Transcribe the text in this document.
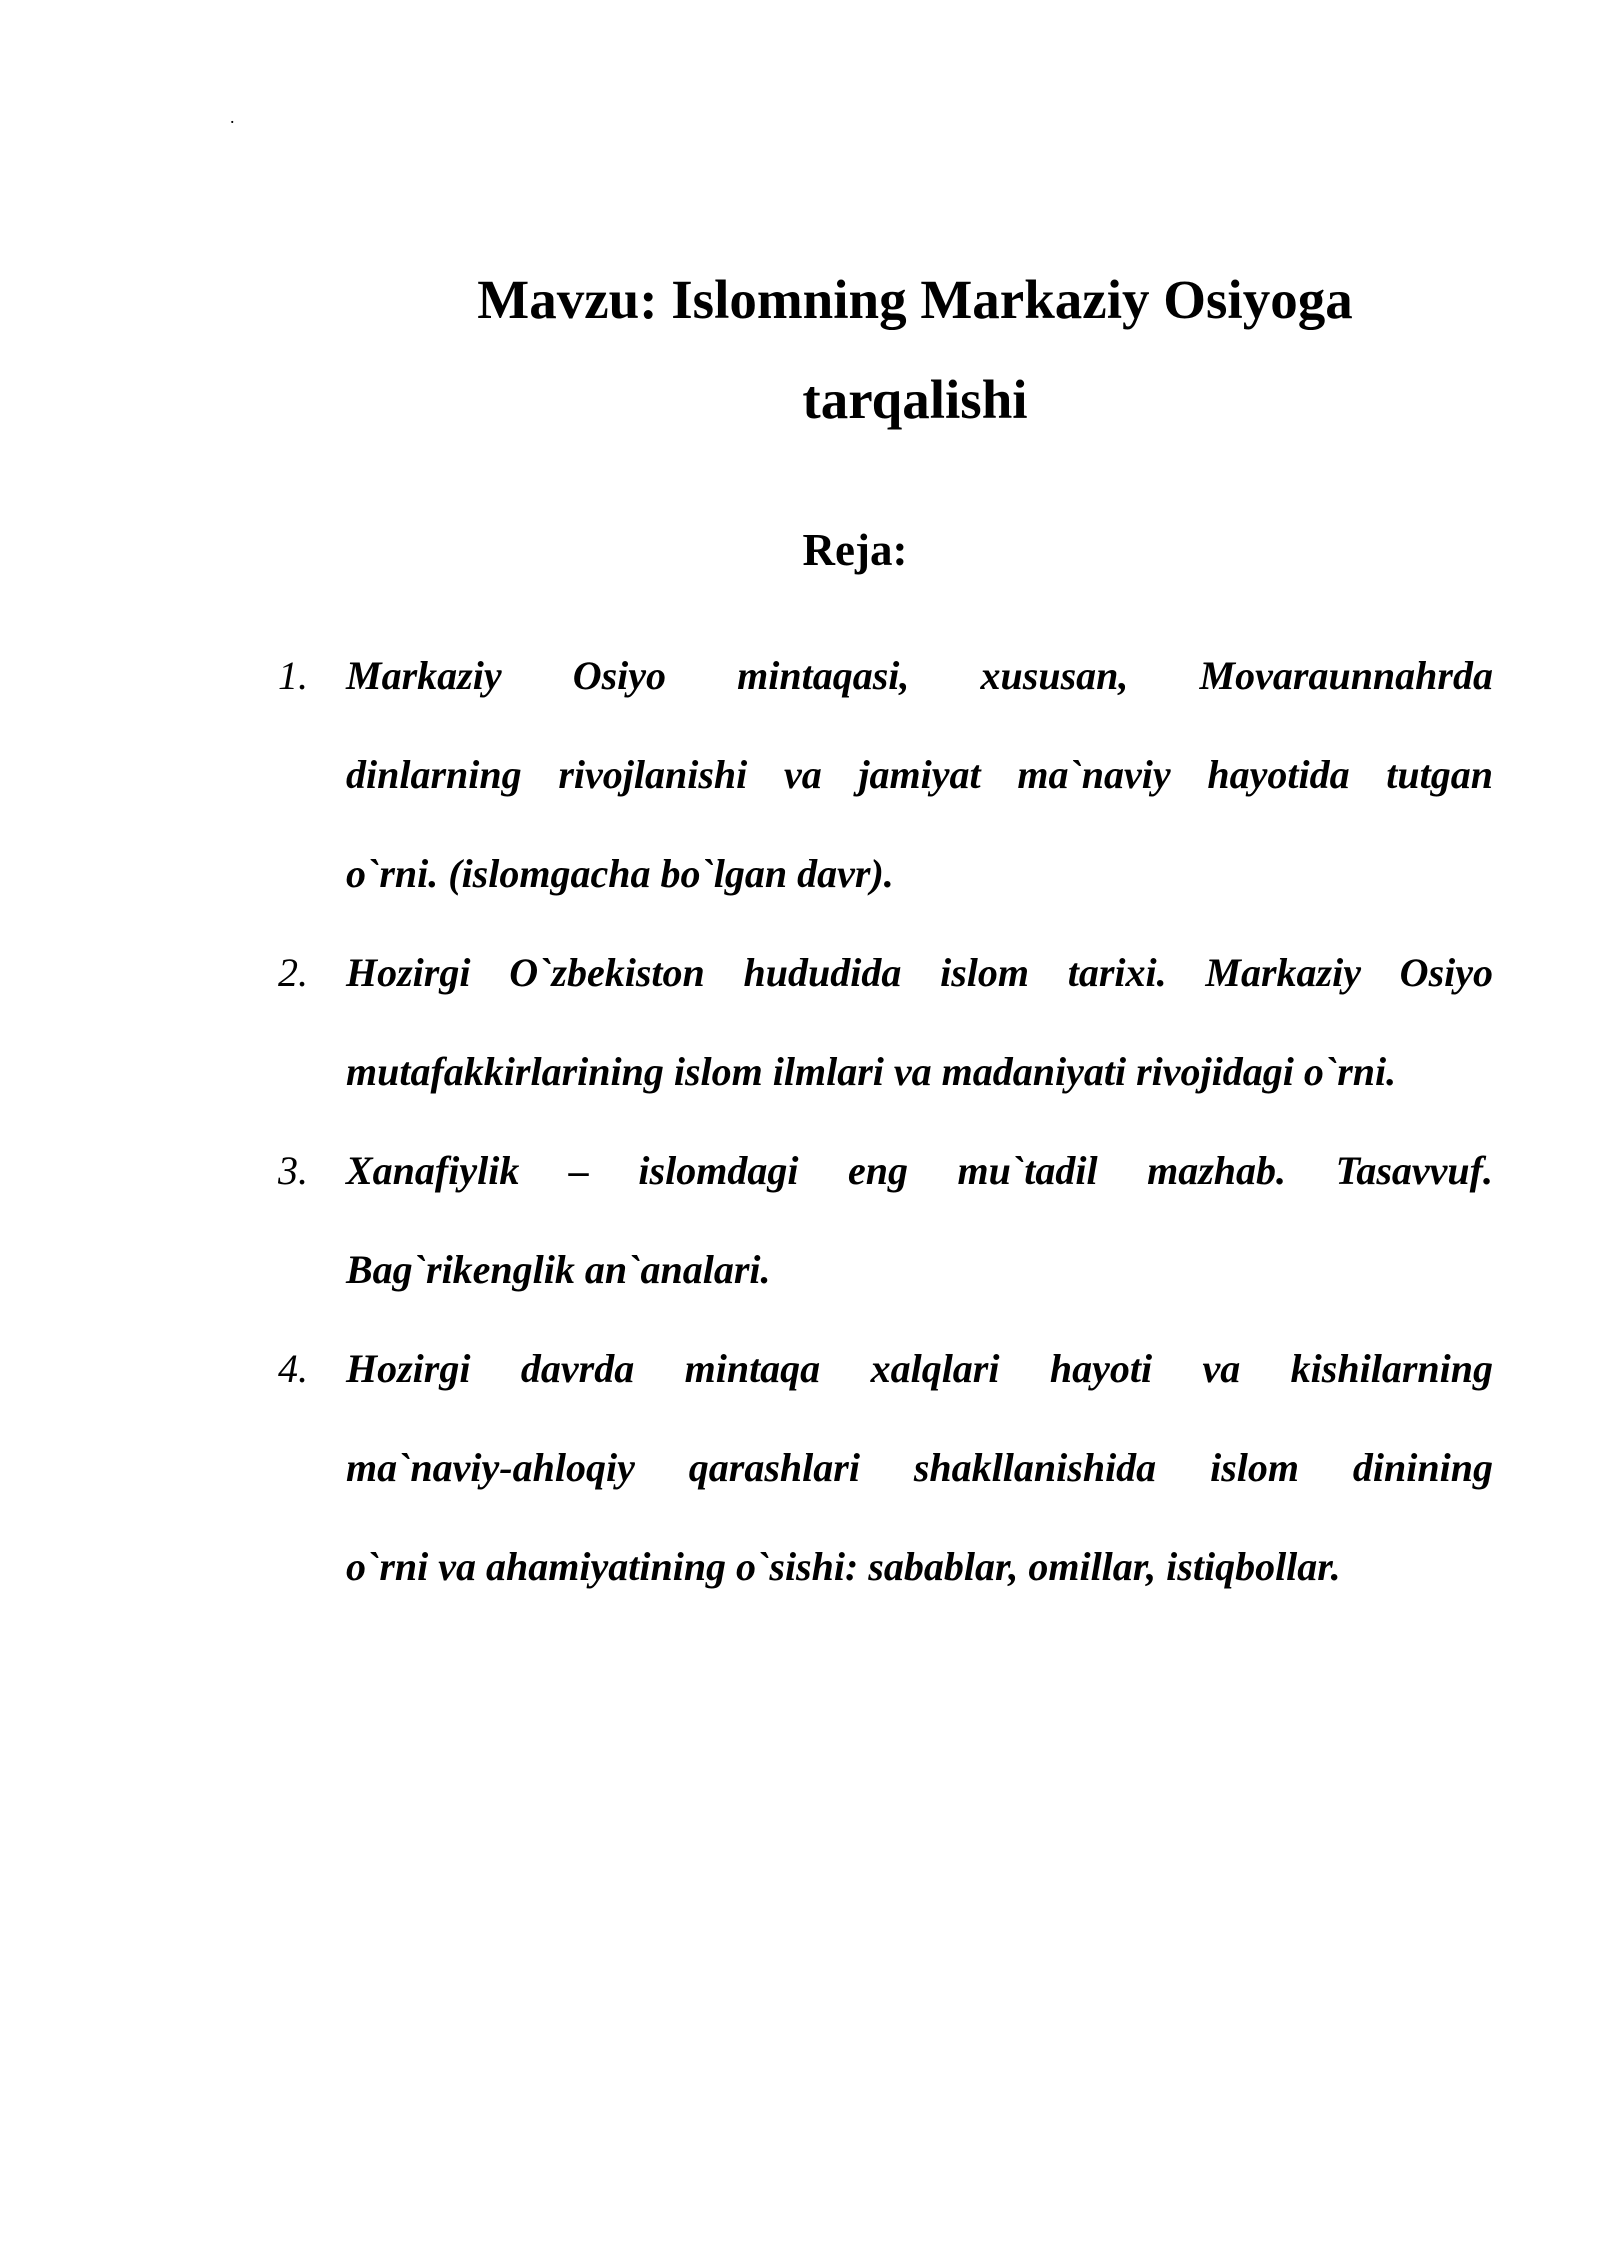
.
Mavzu: Islomning Markaziy Osiyoga
tarqalishi
Reja:
1. Markaziy Osiyo mintaqasi, xususan, Movaraunnahrda
dinlarning rivojlanishi va jamiyat ma`naviy hayotida tutgan
o`rni. (islomgacha bo`lgan davr).
2. Hozirgi O`zbekiston hududida islom tarixi. Markaziy Osiyo
mutafakkirlarining islom ilmlari va madaniyati rivojidagi o`rni.
3. Xanafiylik – islomdagi eng mu`tadil mazhab. Tasavvuf.
Bag`rikenglik an`analari.
4. Hozirgi davrda mintaqa xalqlari hayoti va kishilarning
ma`naviy-ahloqiy qarashlari shakllanishida islom dinining
o`rni va ahamiyatining o`sishi: sabablar, omillar, istiqbollar.
